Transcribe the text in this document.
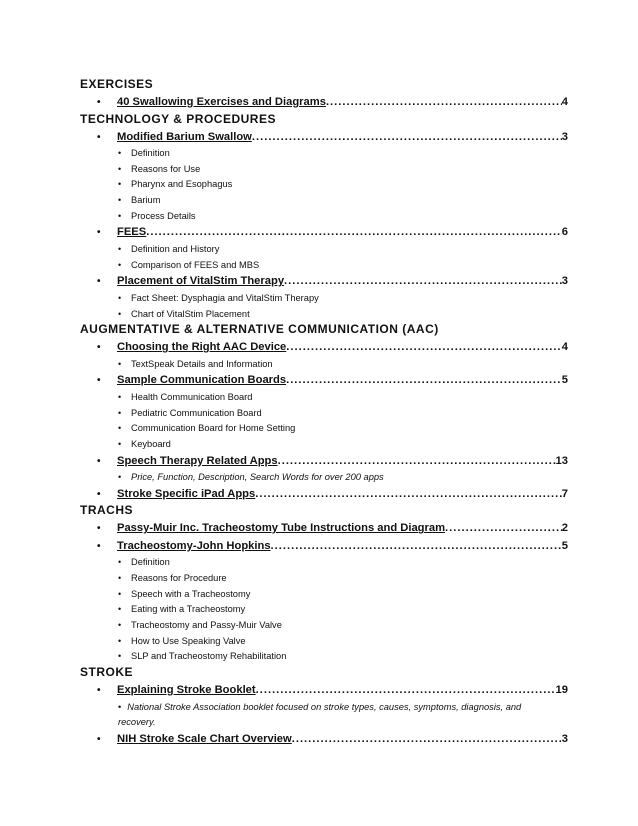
EXERCISES
• 40 Swallowing Exercises and Diagrams .....	4
TECHNOLOGY & PROCEDURES
• Modified Barium Swallow .....	3
• Definition
• Reasons for Use
• Pharynx and Esophagus
• Barium
• Process Details
• FEES .....	6
• Definition and History
• Comparison of FEES and MBS
• Placement of VitalStim Therapy .....	3
• Fact Sheet: Dysphagia and VitalStim Therapy
• Chart of VitalStim Placement
AUGMENTATIVE & ALTERNATIVE COMMUNICATION (AAC)
• Choosing the Right AAC Device .....	4
• TextSpeak Details and Information
• Sample Communication Boards .....	5
• Health Communication Board
• Pediatric Communication Board
• Communication Board for Home Setting
• Keyboard
• Speech Therapy Related Apps .....	13
• Price, Function, Description, Search Words for over 200 apps
• Stroke Specific iPad Apps .....	7
TRACHS
• Passy-Muir Inc. Tracheostomy Tube Instructions and Diagram .....	2
• Tracheostomy-John Hopkins .....	5
• Definition
• Reasons for Procedure
• Speech with a Tracheostomy
• Eating with a Tracheostomy
• Tracheostomy and Passy-Muir Valve
• How to Use Speaking Valve
• SLP and Tracheostomy Rehabilitation
STROKE
• Explaining Stroke Booklet .....	19
• National Stroke Association booklet focused on stroke types, causes, symptoms, diagnosis, and recovery.
• NIH Stroke Scale Chart Overview .....	3
